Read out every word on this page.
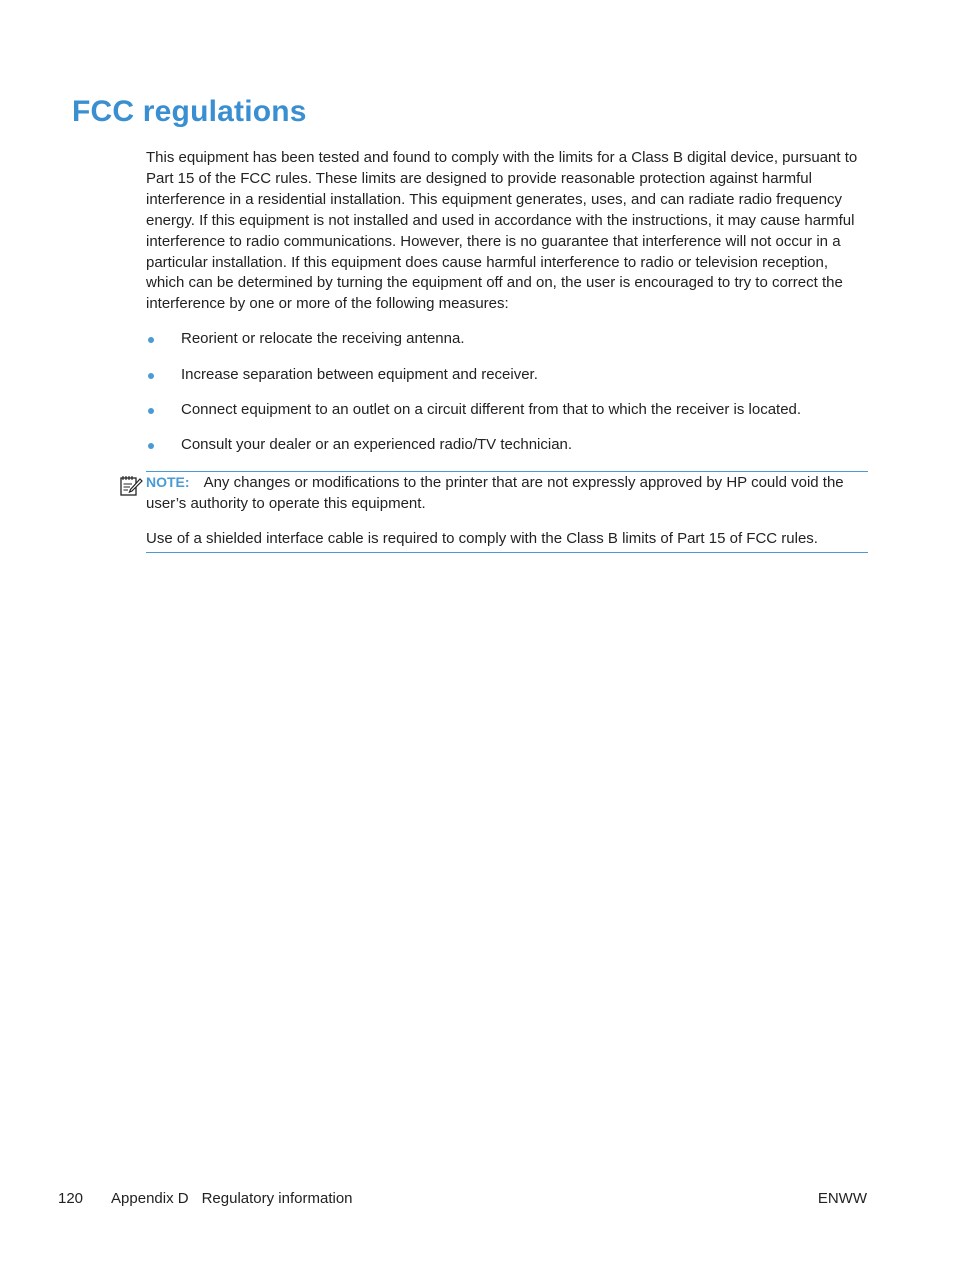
FCC regulations

This equipment has been tested and found to comply with the limits for a Class B digital device, pursuant to Part 15 of the FCC rules. These limits are designed to provide reasonable protection against harmful interference in a residential installation. This equipment generates, uses, and can radiate radio frequency energy. If this equipment is not installed and used in accordance with the instructions, it may cause harmful interference to radio communications. However, there is no guarantee that interference will not occur in a particular installation. If this equipment does cause harmful interference to radio or television reception, which can be determined by turning the equipment off and on, the user is encouraged to try to correct the interference by one or more of the following measures:

Reorient or relocate the receiving antenna.
Increase separation between equipment and receiver.
Connect equipment to an outlet on a circuit different from that to which the receiver is located.
Consult your dealer or an experienced radio/TV technician.

NOTE: Any changes or modifications to the printer that are not expressly approved by HP could void the user’s authority to operate this equipment.

Use of a shielded interface cable is required to comply with the Class B limits of Part 15 of FCC rules.

120 Appendix D Regulatory information	ENWW
